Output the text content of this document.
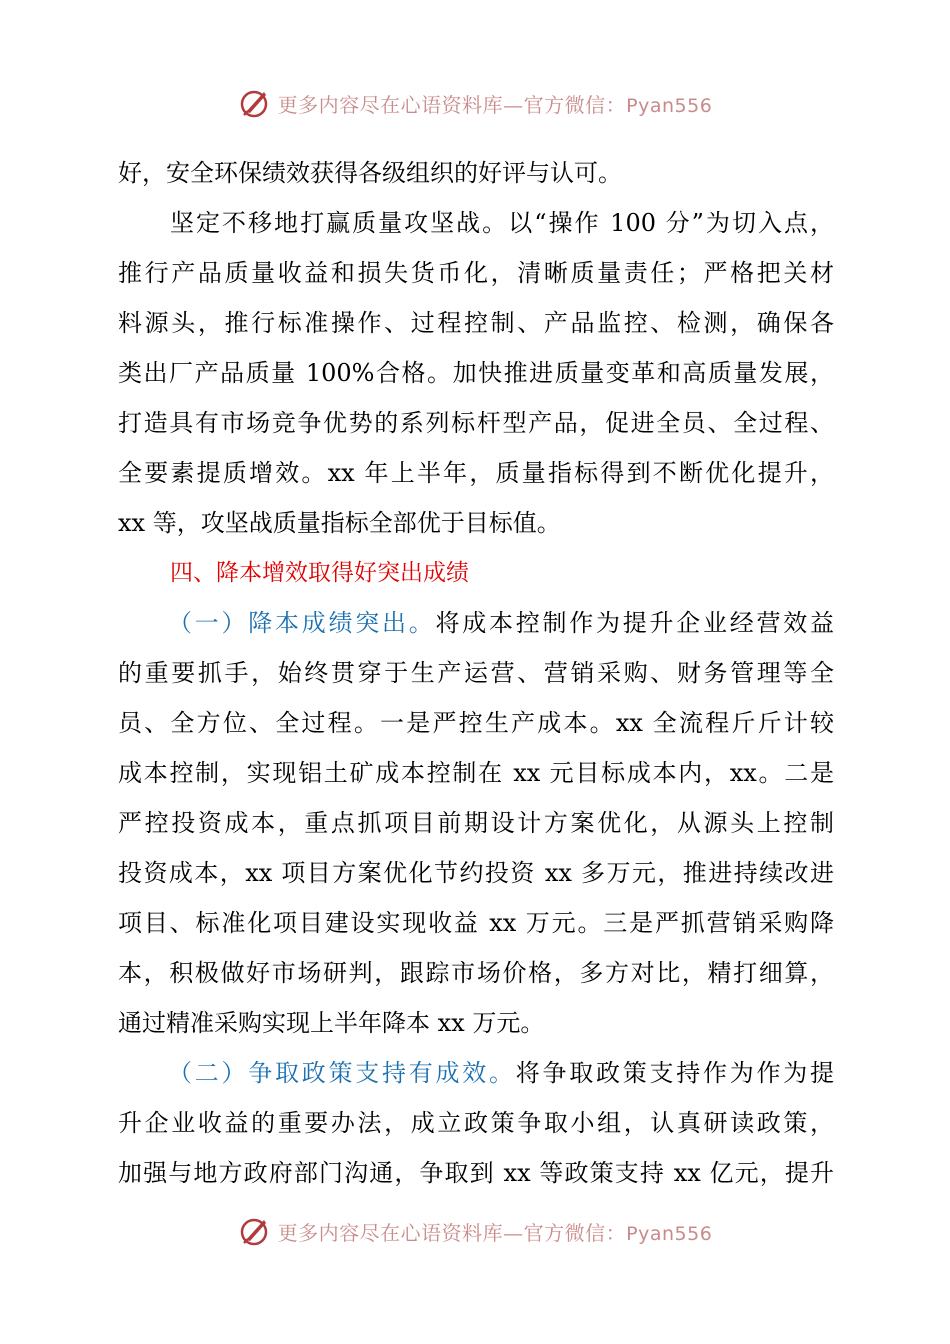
更多内容尽在心语资料库—官方微信：Pyan556
好，安全环保绩效获得各级组织的好评与认可。
坚定不移地打赢质量攻坚战。以“操作 100 分”为切入点，
推行产品质量收益和损失货币化，清晰质量责任；严格把关材
料源头，推行标准操作、过程控制、产品监控、检测，确保各
类出厂产品质量 100%合格。加快推进质量变革和高质量发展，
打造具有市场竞争优势的系列标杆型产品，促进全员、全过程、
全要素提质增效。xx 年上半年，质量指标得到不断优化提升，
xx 等，攻坚战质量指标全部优于目标值。
四、降本增效取得好突出成绩
（一）降本成绩突出。将成本控制作为提升企业经营效益
的重要抓手，始终贯穿于生产运营、营销采购、财务管理等全
员、全方位、全过程。一是严控生产成本。xx 全流程斤斤计较
成本控制，实现铝土矿成本控制在 xx 元目标成本内，xx。二是
严控投资成本，重点抓项目前期设计方案优化，从源头上控制
投资成本，xx 项目方案优化节约投资 xx 多万元，推进持续改进
项目、标准化项目建设实现收益 xx 万元。三是严抓营销采购降
本，积极做好市场研判，跟踪市场价格，多方对比，精打细算，
通过精准采购实现上半年降本 xx 万元。
（二）争取政策支持有成效。将争取政策支持作为作为提
升企业收益的重要办法，成立政策争取小组，认真研读政策，
加强与地方政府部门沟通，争取到 xx 等政策支持 xx 亿元，提升
更多内容尽在心语资料库—官方微信：Pyan556
